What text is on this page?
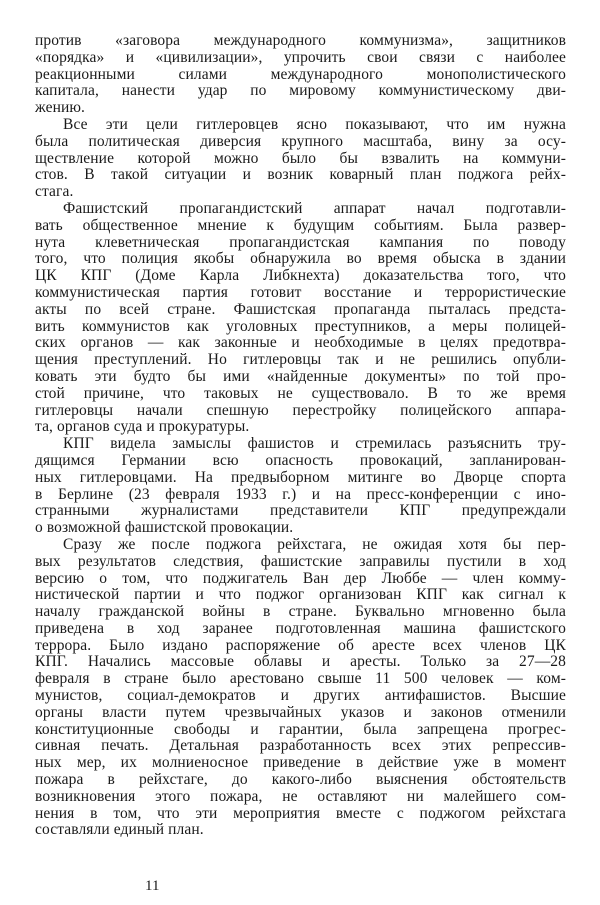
против «заговора международного коммунизма», защитников
«порядка» и «цивилизации», упрочить свои связи с наиболее
реакционными силами международного монополистического
капитала, нанести удар по мировому коммунистическому дви-
жению.
Все эти цели гитлеровцев ясно показывают, что им нужна
была политическая диверсия крупного масштаба, вину за осу-
ществление которой можно было бы взвалить на коммуни-
стов. В такой ситуации и возник коварный план поджога рейх-
стага.
Фашистский пропагандистский аппарат начал подготавли-
вать общественное мнение к будущим событиям. Была развер-
нута клеветническая пропагандистская кампания по поводу
того, что полиция якобы обнаружила во время обыска в здании
ЦК КПГ (Доме Карла Либкнехта) доказательства того, что
коммунистическая партия готовит восстание и террористические
акты по всей стране. Фашистская пропаганда пыталась предста-
вить коммунистов как уголовных преступников, а меры полицей-
ских органов — как законные и необходимые в целях предотвра-
щения преступлений. Но гитлеровцы так и не решились опубли-
ковать эти будто бы ими «найденные документы» по той про-
стой причине, что таковых не существовало. В то же время
гитлеровцы начали спешную перестройку полицейского аппара-
та, органов суда и прокуратуры.
КПГ видела замыслы фашистов и стремилась разъяснить тру-
дящимся Германии всю опасность провокаций, запланирован-
ных гитлеровцами. На предвыборном митинге во Дворце спорта
в Берлине (23 февраля 1933 г.) и на пресс-конференции с ино-
странными журналистами представители КПГ предупреждали
о возможной фашистской провокации.
Сразу же после поджога рейхстага, не ожидая хотя бы пер-
вых результатов следствия, фашистские заправилы пустили в ход
версию о том, что поджигатель Ван дер Люббе — член комму-
нистической партии и что поджог организован КПГ как сигнал к
началу гражданской войны в стране. Буквально мгновенно была
приведена в ход заранее подготовленная машина фашистского
террора. Было издано распоряжение об аресте всех членов ЦК
КПГ. Начались массовые облавы и аресты. Только за 27—28
февраля в стране было арестовано свыше 11 500 человек — ком-
мунистов, социал-демократов и других антифашистов. Высшие
органы власти путем чрезвычайных указов и законов отменили
конституционные свободы и гарантии, была запрещена прогрес-
сивная печать. Детальная разработанность всех этих репрессив-
ных мер, их молниеносное приведение в действие уже в момент
пожара в рейхстаге, до какого-либо выяснения обстоятельств
возникновения этого пожара, не оставляют ни малейшего сом-
нения в том, что эти мероприятия вместе с поджогом рейхстага
составляли единый план.
11
